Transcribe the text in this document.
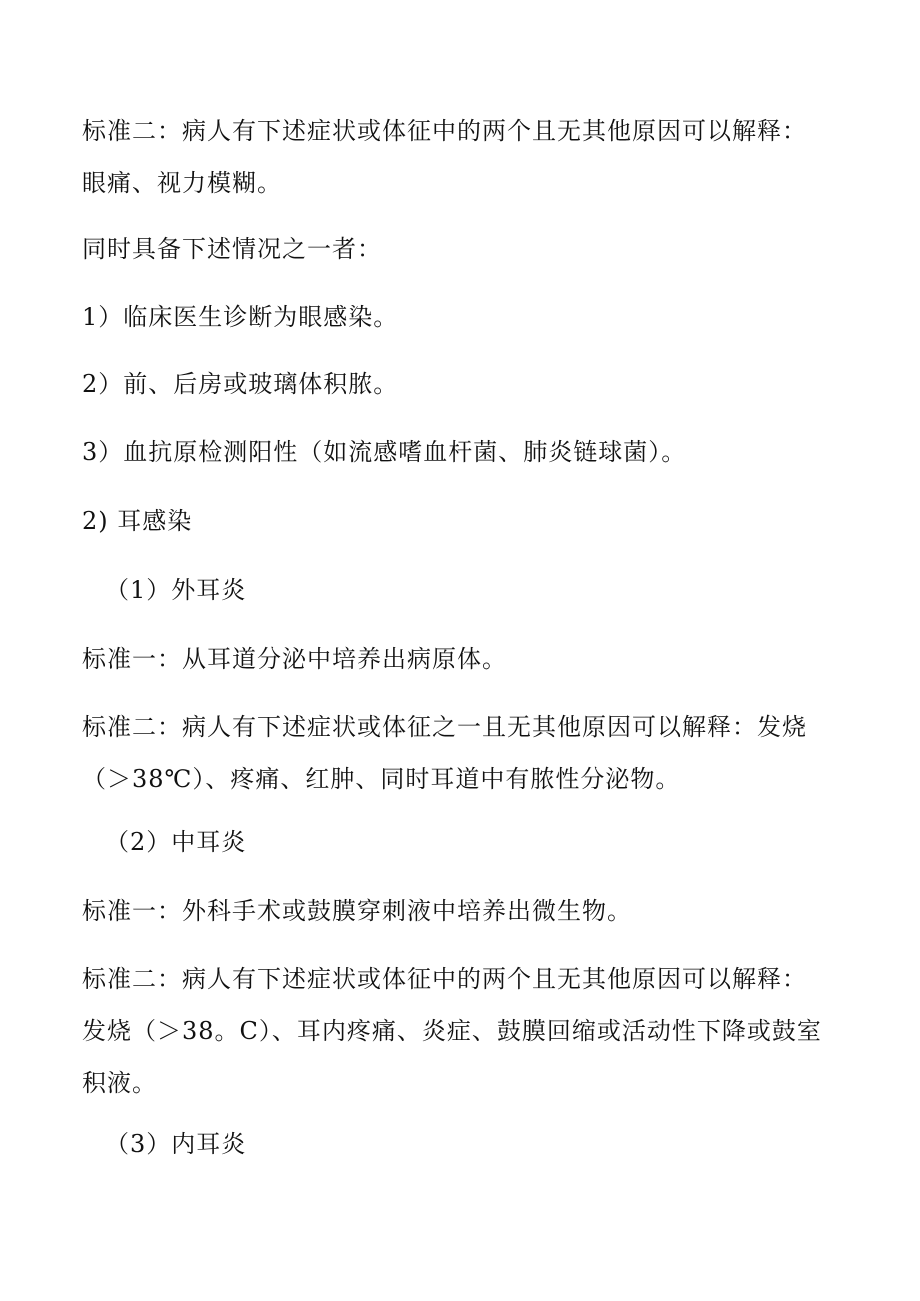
标准二：病人有下述症状或体征中的两个且无其他原因可以解释：眼痛、视力模糊。

同时具备下述情况之一者：

1）临床医生诊断为眼感染。

2）前、后房或玻璃体积脓。

3）血抗原检测阳性（如流感嗜血杆菌、肺炎链球菌）。

2) 耳感染

（1）外耳炎

标准一：从耳道分泌中培养出病原体。

标准二：病人有下述症状或体征之一且无其他原因可以解释：发烧（＞38℃）、疼痛、红肿、同时耳道中有脓性分泌物。

（2）中耳炎

标准一：外科手术或鼓膜穿刺液中培养出微生物。

标准二：病人有下述症状或体征中的两个且无其他原因可以解释：发烧（＞38。C）、耳内疼痛、炎症、鼓膜回缩或活动性下降或鼓室积液。

（3）内耳炎
